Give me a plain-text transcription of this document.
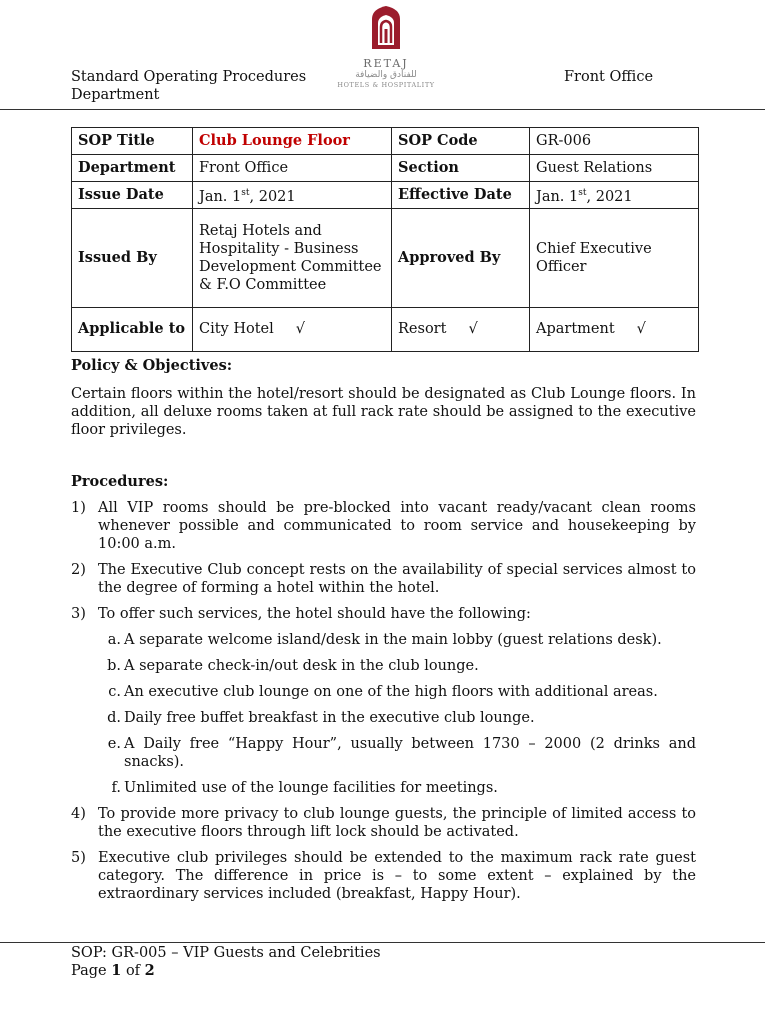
Standard Operating Procedures Department
RETAJ
للفنادق والضيافة
HOTELS & HOSPITALITY	Front Office
SOP Title	Club Lounge Floor	SOP Code	GR-006
Department	Front Office	Section	Guest Relations
Issue Date	Jan. 1st, 2021	Effective Date	Jan. 1st, 2021
Issued By	Retaj Hotels and Hospitality - Business Development Committee & F.O Committee	Approved By	Chief Executive Officer
Applicable to	City Hotel √	Resort √	Apartment √

Policy & Objectives:

Certain floors within the hotel/resort should be designated as Club Lounge floors. In addition, all deluxe rooms taken at full rack rate should be assigned to the executive floor privileges.

Procedures:

1) All VIP rooms should be pre-blocked into vacant ready/vacant clean rooms whenever possible and communicated to room service and housekeeping by 10:00 a.m.
2) The Executive Club concept rests on the availability of special services almost to the degree of forming a hotel within the hotel.
3) To offer such services, the hotel should have the following:
a. A separate welcome island/desk in the main lobby (guest relations desk).
b. A separate check-in/out desk in the club lounge.
c. An executive club lounge on one of the high floors with additional areas.
d. Daily free buffet breakfast in the executive club lounge.
e. A Daily free “Happy Hour”, usually between 1730 – 2000 (2 drinks and snacks).
f. Unlimited use of the lounge facilities for meetings.
4) To provide more privacy to club lounge guests, the principle of limited access to the executive floors through lift lock should be activated.
5) Executive club privileges should be extended to the maximum rack rate guest category. The difference in price is – to some extent – explained by the extraordinary services included (breakfast, Happy Hour).
SOP: GR-005 – VIP Guests and Celebrities
Page 1 of 2
